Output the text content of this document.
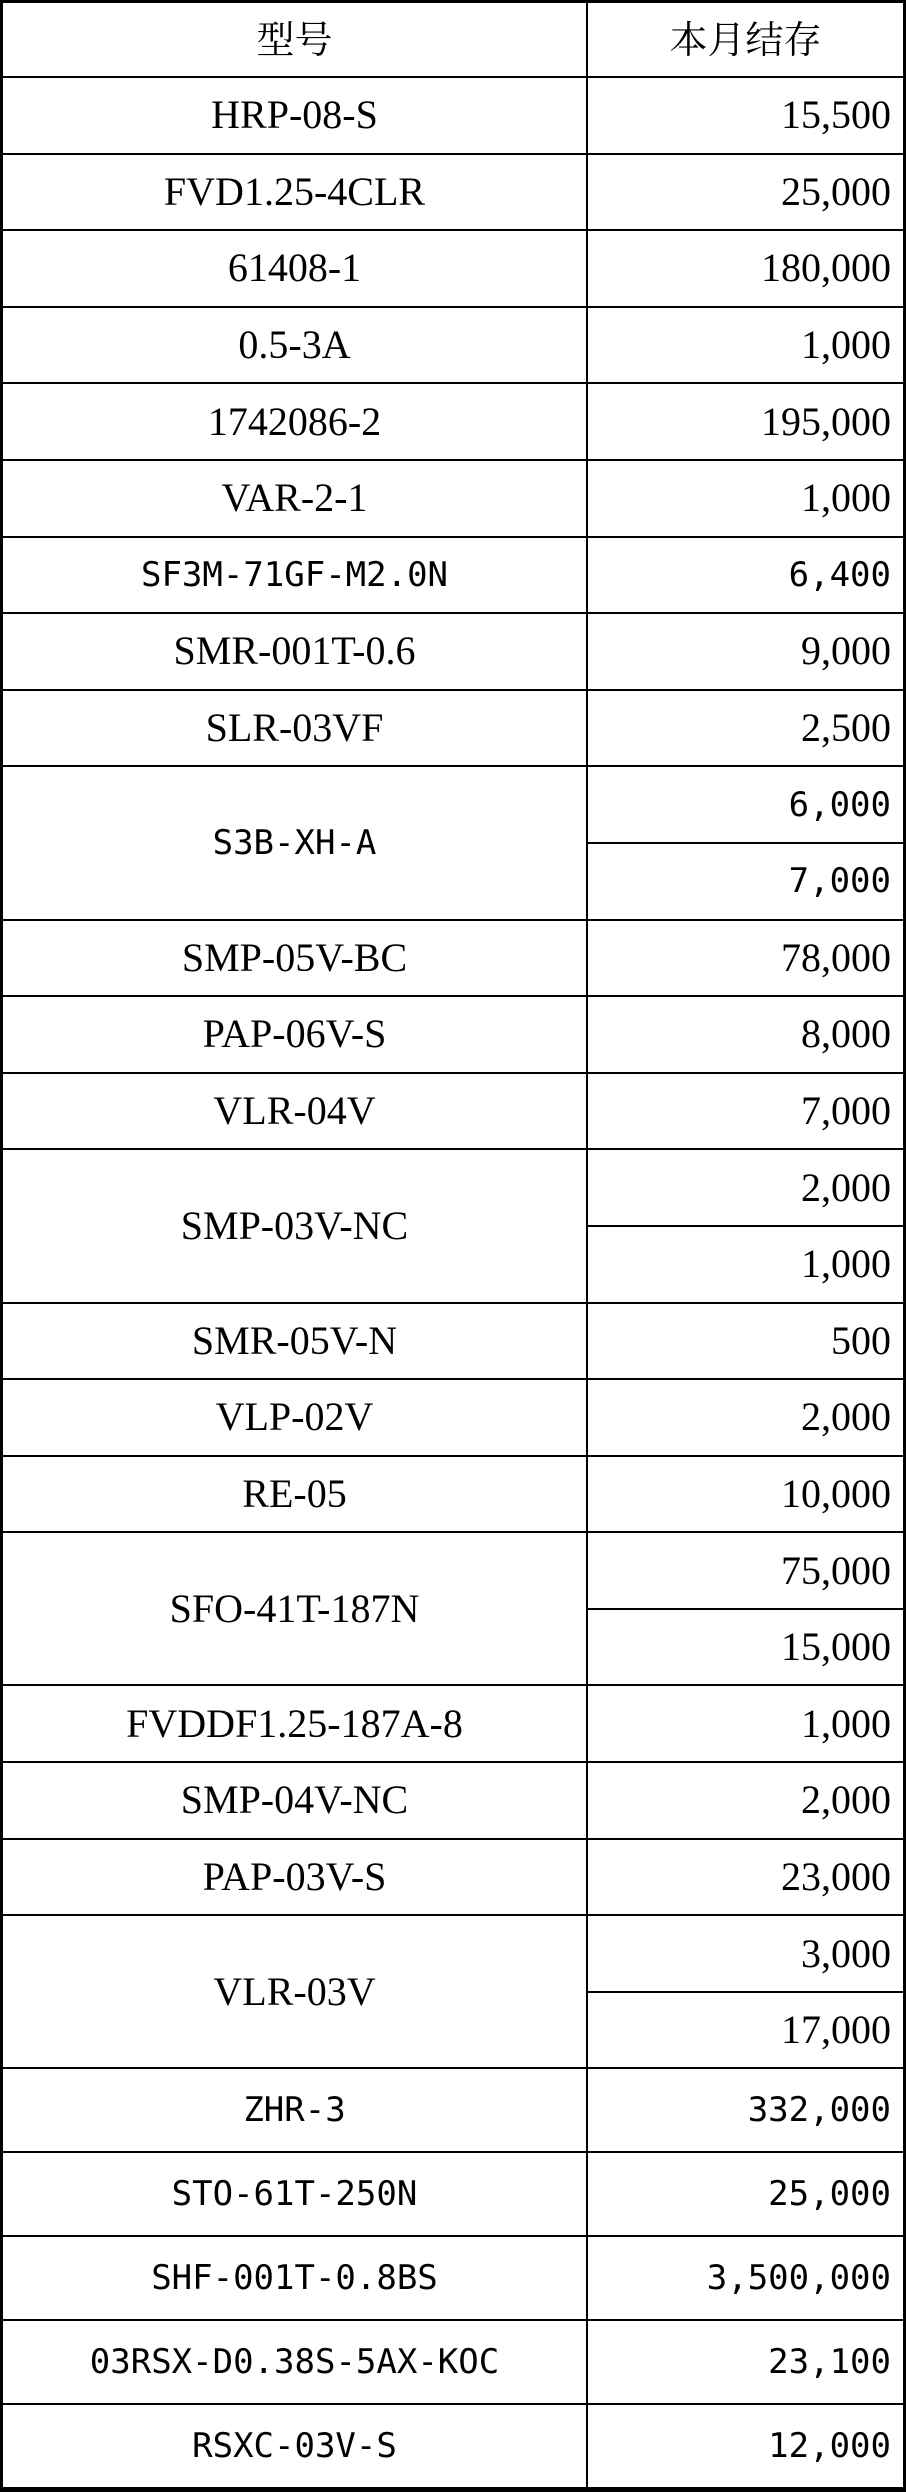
型号	本月结存
HRP-08-S	15,500
FVD1.25-4CLR	25,000
61408-1	180,000
0.5-3A	1,000
1742086-2	195,000
VAR-2-1	1,000
SF3M-71GF-M2.0N	6,400
SMR-001T-0.6	9,000
SLR-03VF	2,500
S3B-XH-A	6,000
	7,000
SMP-05V-BC	78,000
PAP-06V-S	8,000
VLR-04V	7,000
SMP-03V-NC	2,000
	1,000
SMR-05V-N	500
VLP-02V	2,000
RE-05	10,000
SFO-41T-187N	75,000
	15,000
FVDDF1.25-187A-8	1,000
SMP-04V-NC	2,000
PAP-03V-S	23,000
VLR-03V	3,000
	17,000
ZHR-3	332,000
STO-61T-250N	25,000
SHF-001T-0.8BS	3,500,000
03RSX-D0.38S-5AX-KOC	23,100
RSXC-03V-S	12,000
